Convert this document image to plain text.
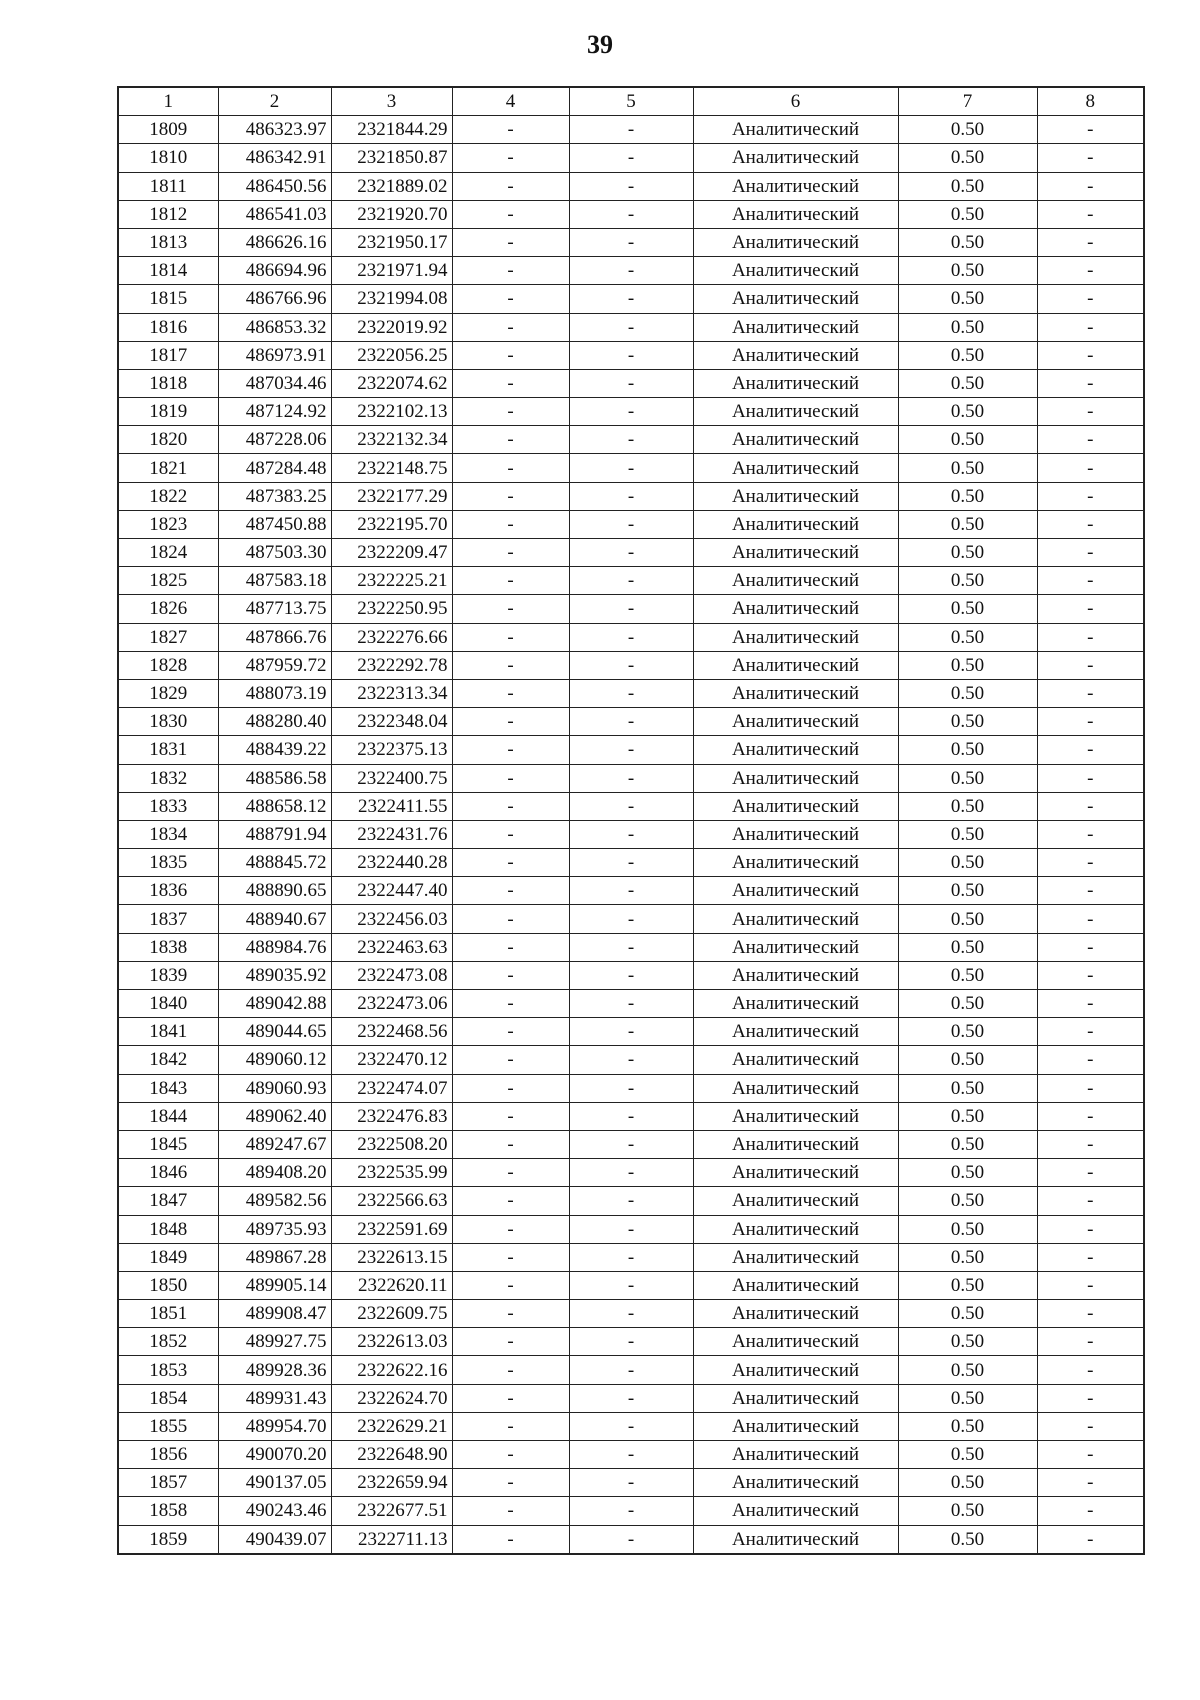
39
1	2	3	4	5	6	7	8
1809	486323.97	2321844.29	-	-	Аналитический	0.50	-
1810	486342.91	2321850.87	-	-	Аналитический	0.50	-
1811	486450.56	2321889.02	-	-	Аналитический	0.50	-
1812	486541.03	2321920.70	-	-	Аналитический	0.50	-
1813	486626.16	2321950.17	-	-	Аналитический	0.50	-
1814	486694.96	2321971.94	-	-	Аналитический	0.50	-
1815	486766.96	2321994.08	-	-	Аналитический	0.50	-
1816	486853.32	2322019.92	-	-	Аналитический	0.50	-
1817	486973.91	2322056.25	-	-	Аналитический	0.50	-
1818	487034.46	2322074.62	-	-	Аналитический	0.50	-
1819	487124.92	2322102.13	-	-	Аналитический	0.50	-
1820	487228.06	2322132.34	-	-	Аналитический	0.50	-
1821	487284.48	2322148.75	-	-	Аналитический	0.50	-
1822	487383.25	2322177.29	-	-	Аналитический	0.50	-
1823	487450.88	2322195.70	-	-	Аналитический	0.50	-
1824	487503.30	2322209.47	-	-	Аналитический	0.50	-
1825	487583.18	2322225.21	-	-	Аналитический	0.50	-
1826	487713.75	2322250.95	-	-	Аналитический	0.50	-
1827	487866.76	2322276.66	-	-	Аналитический	0.50	-
1828	487959.72	2322292.78	-	-	Аналитический	0.50	-
1829	488073.19	2322313.34	-	-	Аналитический	0.50	-
1830	488280.40	2322348.04	-	-	Аналитический	0.50	-
1831	488439.22	2322375.13	-	-	Аналитический	0.50	-
1832	488586.58	2322400.75	-	-	Аналитический	0.50	-
1833	488658.12	2322411.55	-	-	Аналитический	0.50	-
1834	488791.94	2322431.76	-	-	Аналитический	0.50	-
1835	488845.72	2322440.28	-	-	Аналитический	0.50	-
1836	488890.65	2322447.40	-	-	Аналитический	0.50	-
1837	488940.67	2322456.03	-	-	Аналитический	0.50	-
1838	488984.76	2322463.63	-	-	Аналитический	0.50	-
1839	489035.92	2322473.08	-	-	Аналитический	0.50	-
1840	489042.88	2322473.06	-	-	Аналитический	0.50	-
1841	489044.65	2322468.56	-	-	Аналитический	0.50	-
1842	489060.12	2322470.12	-	-	Аналитический	0.50	-
1843	489060.93	2322474.07	-	-	Аналитический	0.50	-
1844	489062.40	2322476.83	-	-	Аналитический	0.50	-
1845	489247.67	2322508.20	-	-	Аналитический	0.50	-
1846	489408.20	2322535.99	-	-	Аналитический	0.50	-
1847	489582.56	2322566.63	-	-	Аналитический	0.50	-
1848	489735.93	2322591.69	-	-	Аналитический	0.50	-
1849	489867.28	2322613.15	-	-	Аналитический	0.50	-
1850	489905.14	2322620.11	-	-	Аналитический	0.50	-
1851	489908.47	2322609.75	-	-	Аналитический	0.50	-
1852	489927.75	2322613.03	-	-	Аналитический	0.50	-
1853	489928.36	2322622.16	-	-	Аналитический	0.50	-
1854	489931.43	2322624.70	-	-	Аналитический	0.50	-
1855	489954.70	2322629.21	-	-	Аналитический	0.50	-
1856	490070.20	2322648.90	-	-	Аналитический	0.50	-
1857	490137.05	2322659.94	-	-	Аналитический	0.50	-
1858	490243.46	2322677.51	-	-	Аналитический	0.50	-
1859	490439.07	2322711.13	-	-	Аналитический	0.50	-
